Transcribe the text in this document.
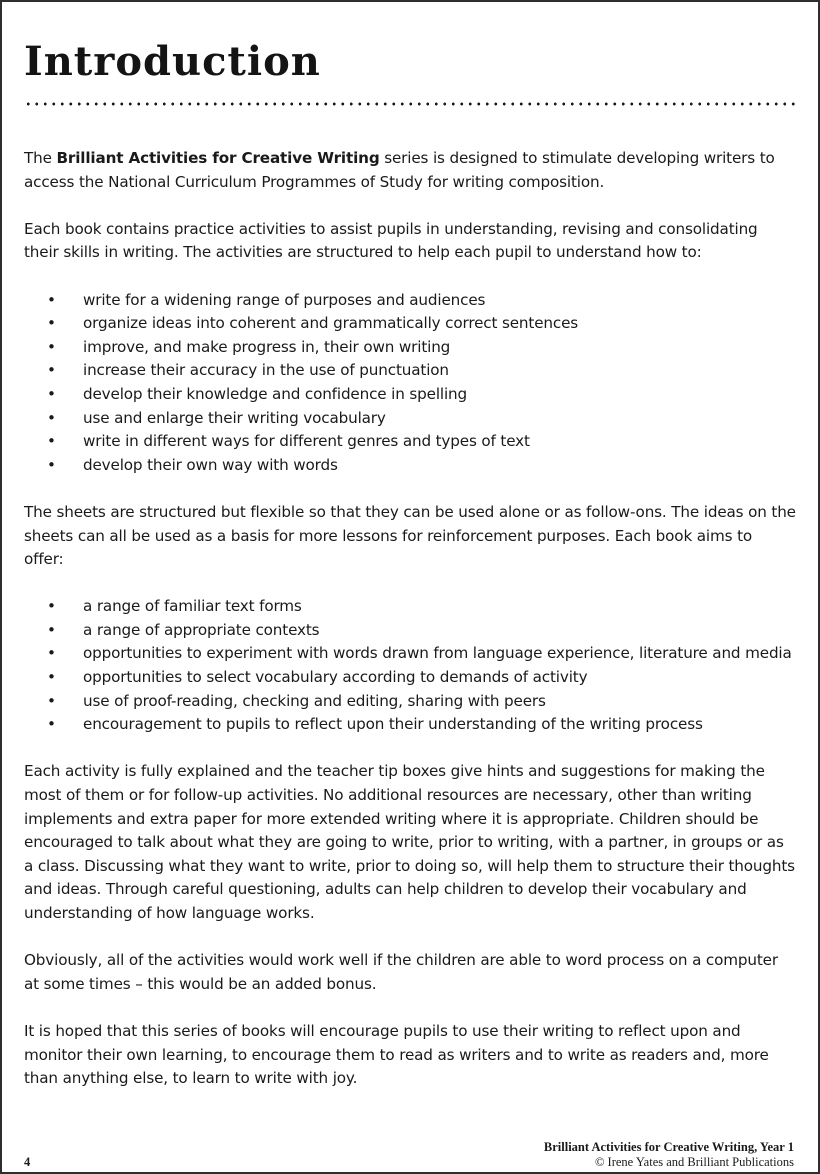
Introduction

The Brilliant Activities for Creative Writing series is designed to stimulate developing writers to access the National Curriculum Programmes of Study for writing composition.

Each book contains practice activities to assist pupils in understanding, revising and consolidating their skills in writing. The activities are structured to help each pupil to understand how to:

• write for a widening range of purposes and audiences
• organize ideas into coherent and grammatically correct sentences
• improve, and make progress in, their own writing
• increase their accuracy in the use of punctuation
• develop their knowledge and confidence in spelling
• use and enlarge their writing vocabulary
• write in different ways for different genres and types of text
• develop their own way with words

The sheets are structured but flexible so that they can be used alone or as follow-ons. The ideas on the sheets can all be used as a basis for more lessons for reinforcement purposes. Each book aims to offer:

• a range of familiar text forms
• a range of appropriate contexts
• opportunities to experiment with words drawn from language experience, literature and media
• opportunities to select vocabulary according to demands of activity
• use of proof-reading, checking and editing, sharing with peers
• encouragement to pupils to reflect upon their understanding of the writing process

Each activity is fully explained and the teacher tip boxes give hints and suggestions for making the most of them or for follow-up activities. No additional resources are necessary, other than writing implements and extra paper for more extended writing where it is appropriate. Children should be encouraged to talk about what they are going to write, prior to writing, with a partner, in groups or as a class. Discussing what they want to write, prior to doing so, will help them to structure their thoughts and ideas. Through careful questioning, adults can help children to develop their vocabulary and understanding of how language works.

Obviously, all of the activities would work well if the children are able to word process on a computer at some times – this would be an added bonus.

It is hoped that this series of books will encourage pupils to use their writing to reflect upon and monitor their own learning, to encourage them to read as writers and to write as readers and, more than anything else, to learn to write with joy.

Brilliant Activities for Creative Writing, Year 1
© Irene Yates and Brilliant Publications
4
